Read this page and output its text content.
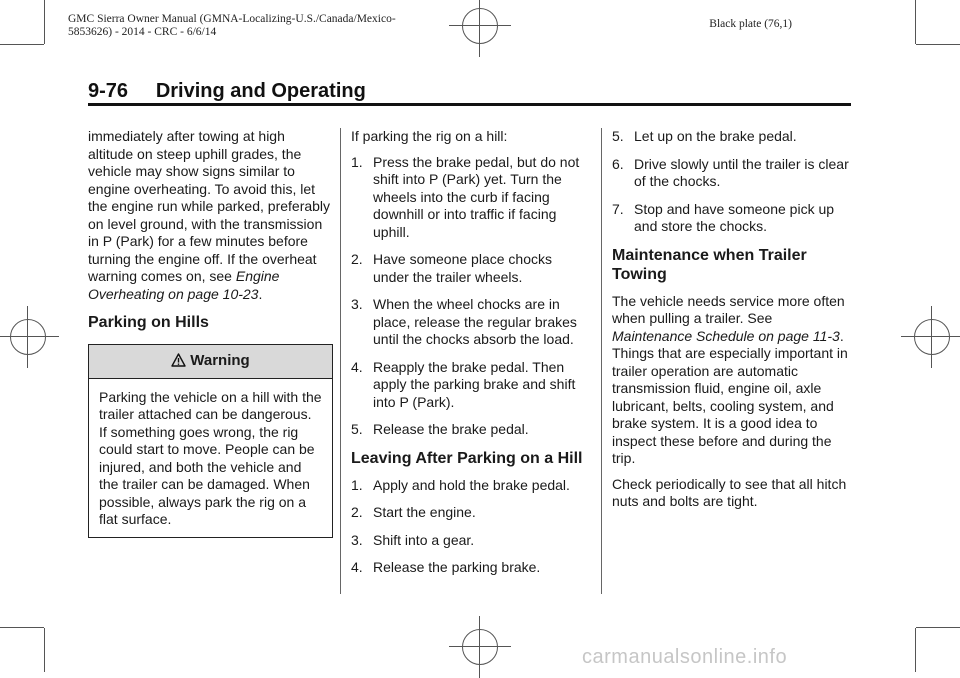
GMC Sierra Owner Manual (GMNA-Localizing-U.S./Canada/Mexico-
5853626) - 2014 - CRC - 6/6/14
Black plate (76,1)
9-76     Driving and Operating

immediately after towing at high altitude on steep uphill grades, the vehicle may show signs similar to engine overheating. To avoid this, let the engine run while parked, preferably on level ground, with the transmission in P (Park) for a few minutes before turning the engine off. If the overheat warning comes on, see Engine Overheating on page 10-23.

Parking on Hills
Warning
Parking the vehicle on a hill with the trailer attached can be dangerous. If something goes wrong, the rig could start to move. People can be injured, and both the vehicle and the trailer can be damaged. When possible, always park the rig on a flat surface.

If parking the rig on a hill:

1. Press the brake pedal, but do not shift into P (Park) yet. Turn the wheels into the curb if facing downhill or into traffic if facing uphill.
2. Have someone place chocks under the trailer wheels.
3. When the wheel chocks are in place, release the regular brakes until the chocks absorb the load.
4. Reapply the brake pedal. Then apply the parking brake and shift into P (Park).
5. Release the brake pedal.
Leaving After Parking on a Hill
1. Apply and hold the brake pedal.
2. Start the engine.
3. Shift into a gear.
4. Release the parking brake.
5. Let up on the brake pedal.
6. Drive slowly until the trailer is clear of the chocks.
7. Stop and have someone pick up and store the chocks.
Maintenance when Trailer Towing

The vehicle needs service more often when pulling a trailer. See Maintenance Schedule on page 11-3. Things that are especially important in trailer operation are automatic transmission fluid, engine oil, axle lubricant, belts, cooling system, and brake system. It is a good idea to inspect these before and during the trip.

Check periodically to see that all hitch nuts and bolts are tight.

carmanualsonline.info
